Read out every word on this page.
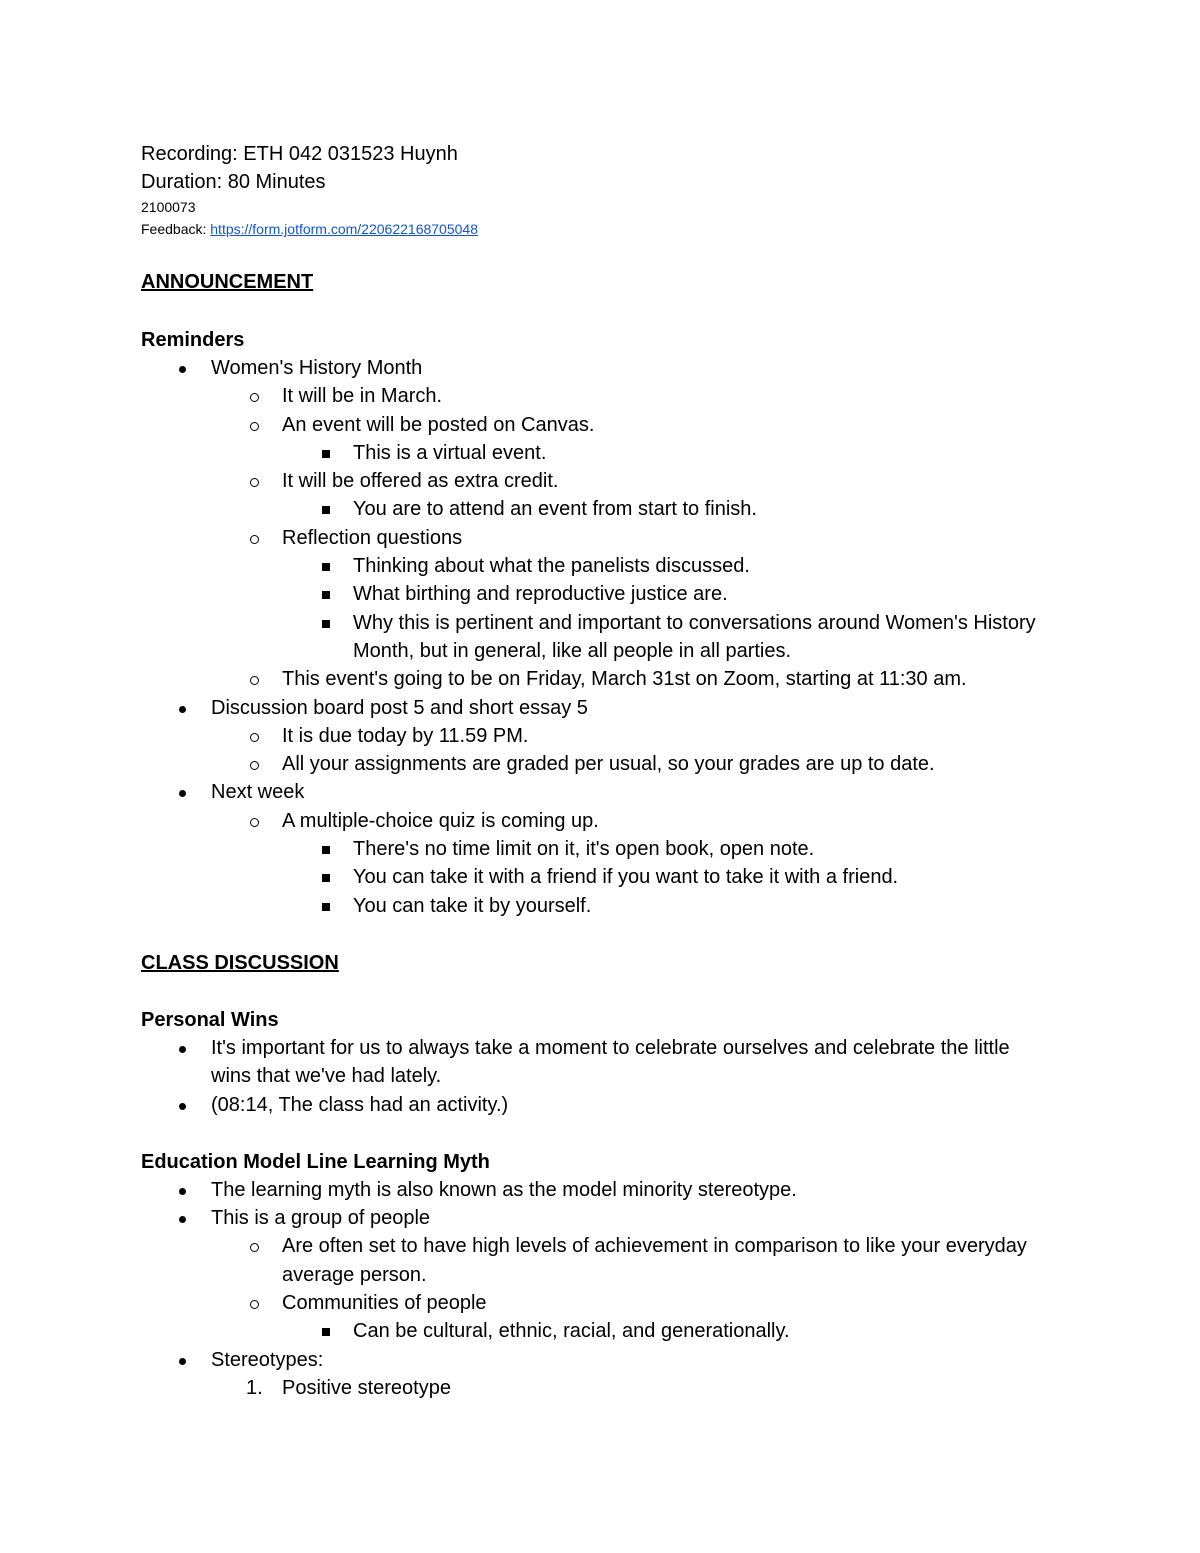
Recording: ETH 042 031523 Huynh
Duration: 80 Minutes
2100073
Feedback: https://form.jotform.com/220622168705048
ANNOUNCEMENT
Reminders
Women's History Month
It will be in March.
An event will be posted on Canvas.
This is a virtual event.
It will be offered as extra credit.
You are to attend an event from start to finish.
Reflection questions
Thinking about what the panelists discussed.
What birthing and reproductive justice are.
Why this is pertinent and important to conversations around Women's History Month, but in general, like all people in all parties.
This event's going to be on Friday, March 31st on Zoom, starting at 11:30 am.
Discussion board post 5 and short essay 5
It is due today by 11.59 PM.
All your assignments are graded per usual, so your grades are up to date.
Next week
A multiple-choice quiz is coming up.
There's no time limit on it, it's open book, open note.
You can take it with a friend if you want to take it with a friend.
You can take it by yourself.
CLASS DISCUSSION
Personal Wins
It's important for us to always take a moment to celebrate ourselves and celebrate the little wins that we've had lately.
(08:14, The class had an activity.)
Education Model Line Learning Myth
The learning myth is also known as the model minority stereotype.
This is a group of people
Are often set to have high levels of achievement in comparison to like your everyday average person.
Communities of people
Can be cultural, ethnic, racial, and generationally.
Stereotypes:
1. Positive stereotype
